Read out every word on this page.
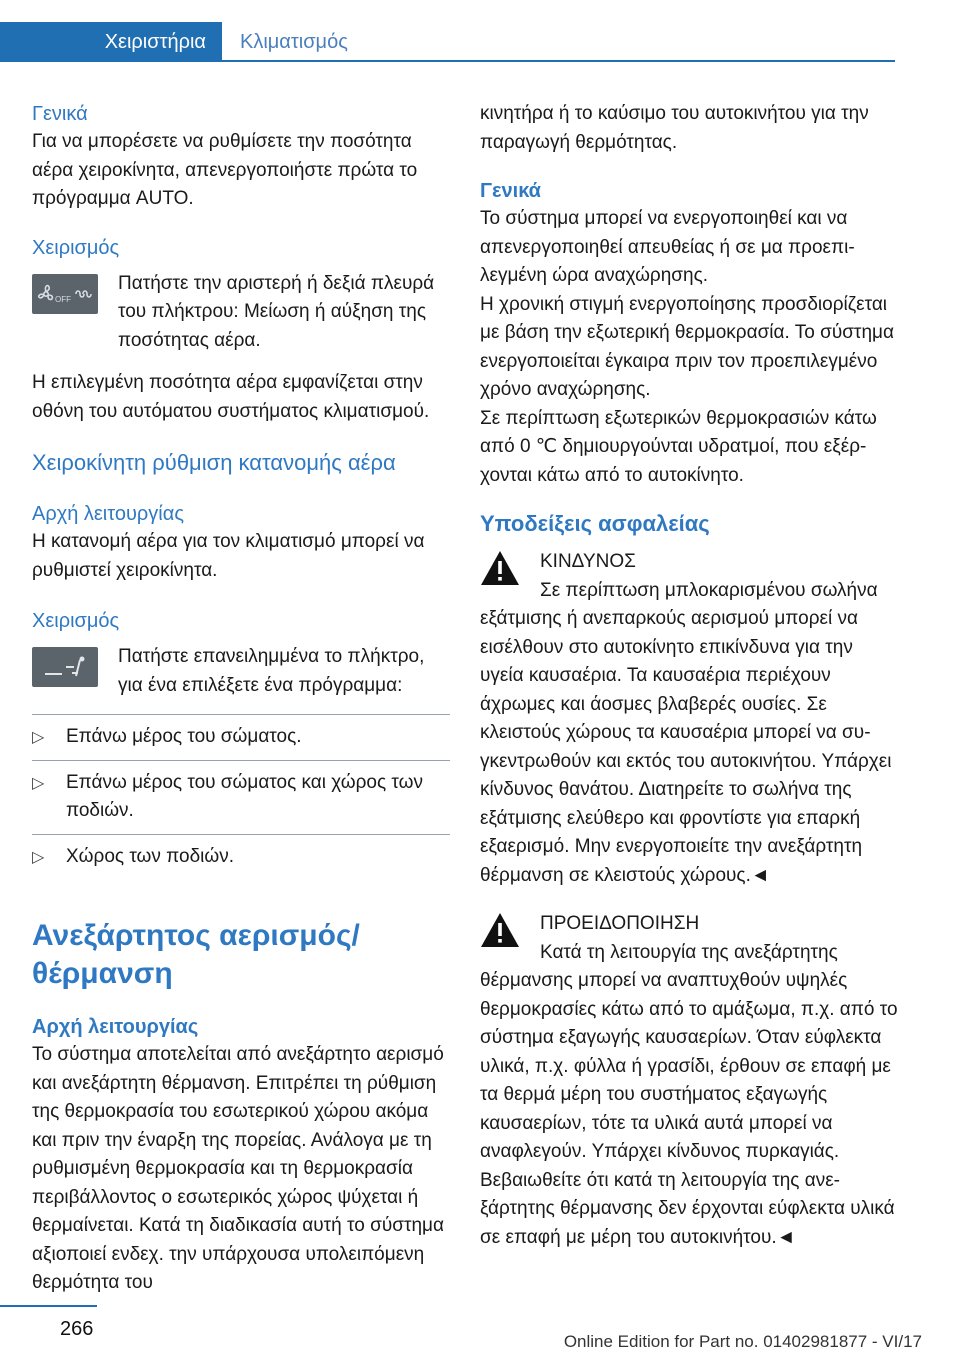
Χειριστήρια	Κλιματισμός
Γενικά

Για να μπορέσετε να ρυθμίσετε την ποσότητα αέρα χειροκίνητα, απενεργοποιήστε πρώτα το πρόγραμμα AUTO.

Χειρισμός
OFF

Πατήστε την αριστερή ή δεξιά πλευρά του πλήκτρου: Μείωση ή αύξηση της ποσότητας αέρα.

Η επιλεγμένη ποσότητα αέρα εμφανίζεται στην οθόνη του αυτόματου συστήματος κλιματισμού.

Χειροκίνητη ρύθμιση κατανομής αέρα
Αρχή λειτουργίας

Η κατανομή αέρα για τον κλιματισμό μπορεί να ρυθμιστεί χειροκίνητα.

Χειρισμός

Πατήστε επανειλημμένα το πλήκτρο, για ένα επιλέξετε ένα πρόγραμμα:

▷ Επάνω μέρος του σώματος.
▷ Επάνω μέρος του σώματος και χώρος των ποδιών.
▷ Χώρος των ποδιών.
Ανεξάρτητος αερισμός/ θέρμανση
Αρχή λειτουργίας

Το σύστημα αποτελείται από ανεξάρτητο αερισμό και ανεξάρτητη θέρμανση. Επιτρέπει τη ρύθμιση της θερμοκρασία του εσωτερικού χώρου ακόμα και πριν την έναρξη της πορείας. Ανάλογα με τη ρυθμισμένη θερμοκρασία και τη θερμοκρασία περιβάλλοντος ο εσωτερικός χώρος ψύχεται ή θερμαίνεται. Κατά τη διαδικασία αυτή το σύστημα αξιοποιεί ενδεχ. την υπάρχουσα υπολειπόμενη θερμότητα του

κινητήρα ή το καύσιμο του αυτοκινήτου για την παραγωγή θερμότητας.

Γενικά

Το σύστημα μπορεί να ενεργοποιηθεί και να απενεργοποιηθεί απευθείας ή σε μα προεπιλεγμένη ώρα αναχώρησης.

Η χρονική στιγμή ενεργοποίησης προσδιορίζεται με βάση την εξωτερική θερμοκρασία. Το σύστημα ενεργοποιείται έγκαιρα πριν τον προεπιλεγμένο χρόνο αναχώρησης.

Σε περίπτωση εξωτερικών θερμοκρασιών κάτω από 0 ℃ δημιουργούνται υδρατμοί, που εξέρχονται κάτω από το αυτοκίνητο.

Υποδείξεις ασφαλείας

ΚΙΝΔΥΝΟΣ

Σε περίπτωση μπλοκαρισμένου σωλήνα εξάτμισης ή ανεπαρκούς αερισμού μπορεί να εισέλθουν στο αυτοκίνητο επικίνδυνα για την υγεία καυσαέρια. Τα καυσαέρια περιέχουν άχρωμες και άοσμες βλαβερές ουσίες. Σε κλειστούς χώρους τα καυσαέρια μπορεί να συγκεντρωθούν και εκτός του αυτοκινήτου. Υπάρχει κίνδυνος θανάτου. Διατηρείτε το σωλήνα της εξάτμισης ελεύθερο και φροντίστε για επαρκή εξαερισμό. Μην ενεργοποιείτε την ανεξάρτητη θέρμανση σε κλειστούς χώρους.◄

ΠΡΟΕΙΔΟΠΟΙΗΣΗ

Κατά τη λειτουργία της ανεξάρτητης θέρμανσης μπορεί να αναπτυχθούν υψηλές θερμοκρασίες κάτω από το αμάξωμα, π.χ. από το σύστημα εξαγωγής καυσαερίων. Όταν εύφλεκτα υλικά, π.χ. φύλλα ή γρασίδι, έρθουν σε επαφή με τα θερμά μέρη του συστήματος εξαγωγής καυσαερίων, τότε τα υλικά αυτά μπορεί να αναφλεγούν. Υπάρχει κίνδυνος πυρκαγιάς. Βεβαιωθείτε ότι κατά τη λειτουργία της ανεξάρτητης θέρμανσης δεν έρχονται εύφλεκτα υλικά σε επαφή με μέρη του αυτοκινήτου.◄

266
Online Edition for Part no. 01402981877 - VI/17
